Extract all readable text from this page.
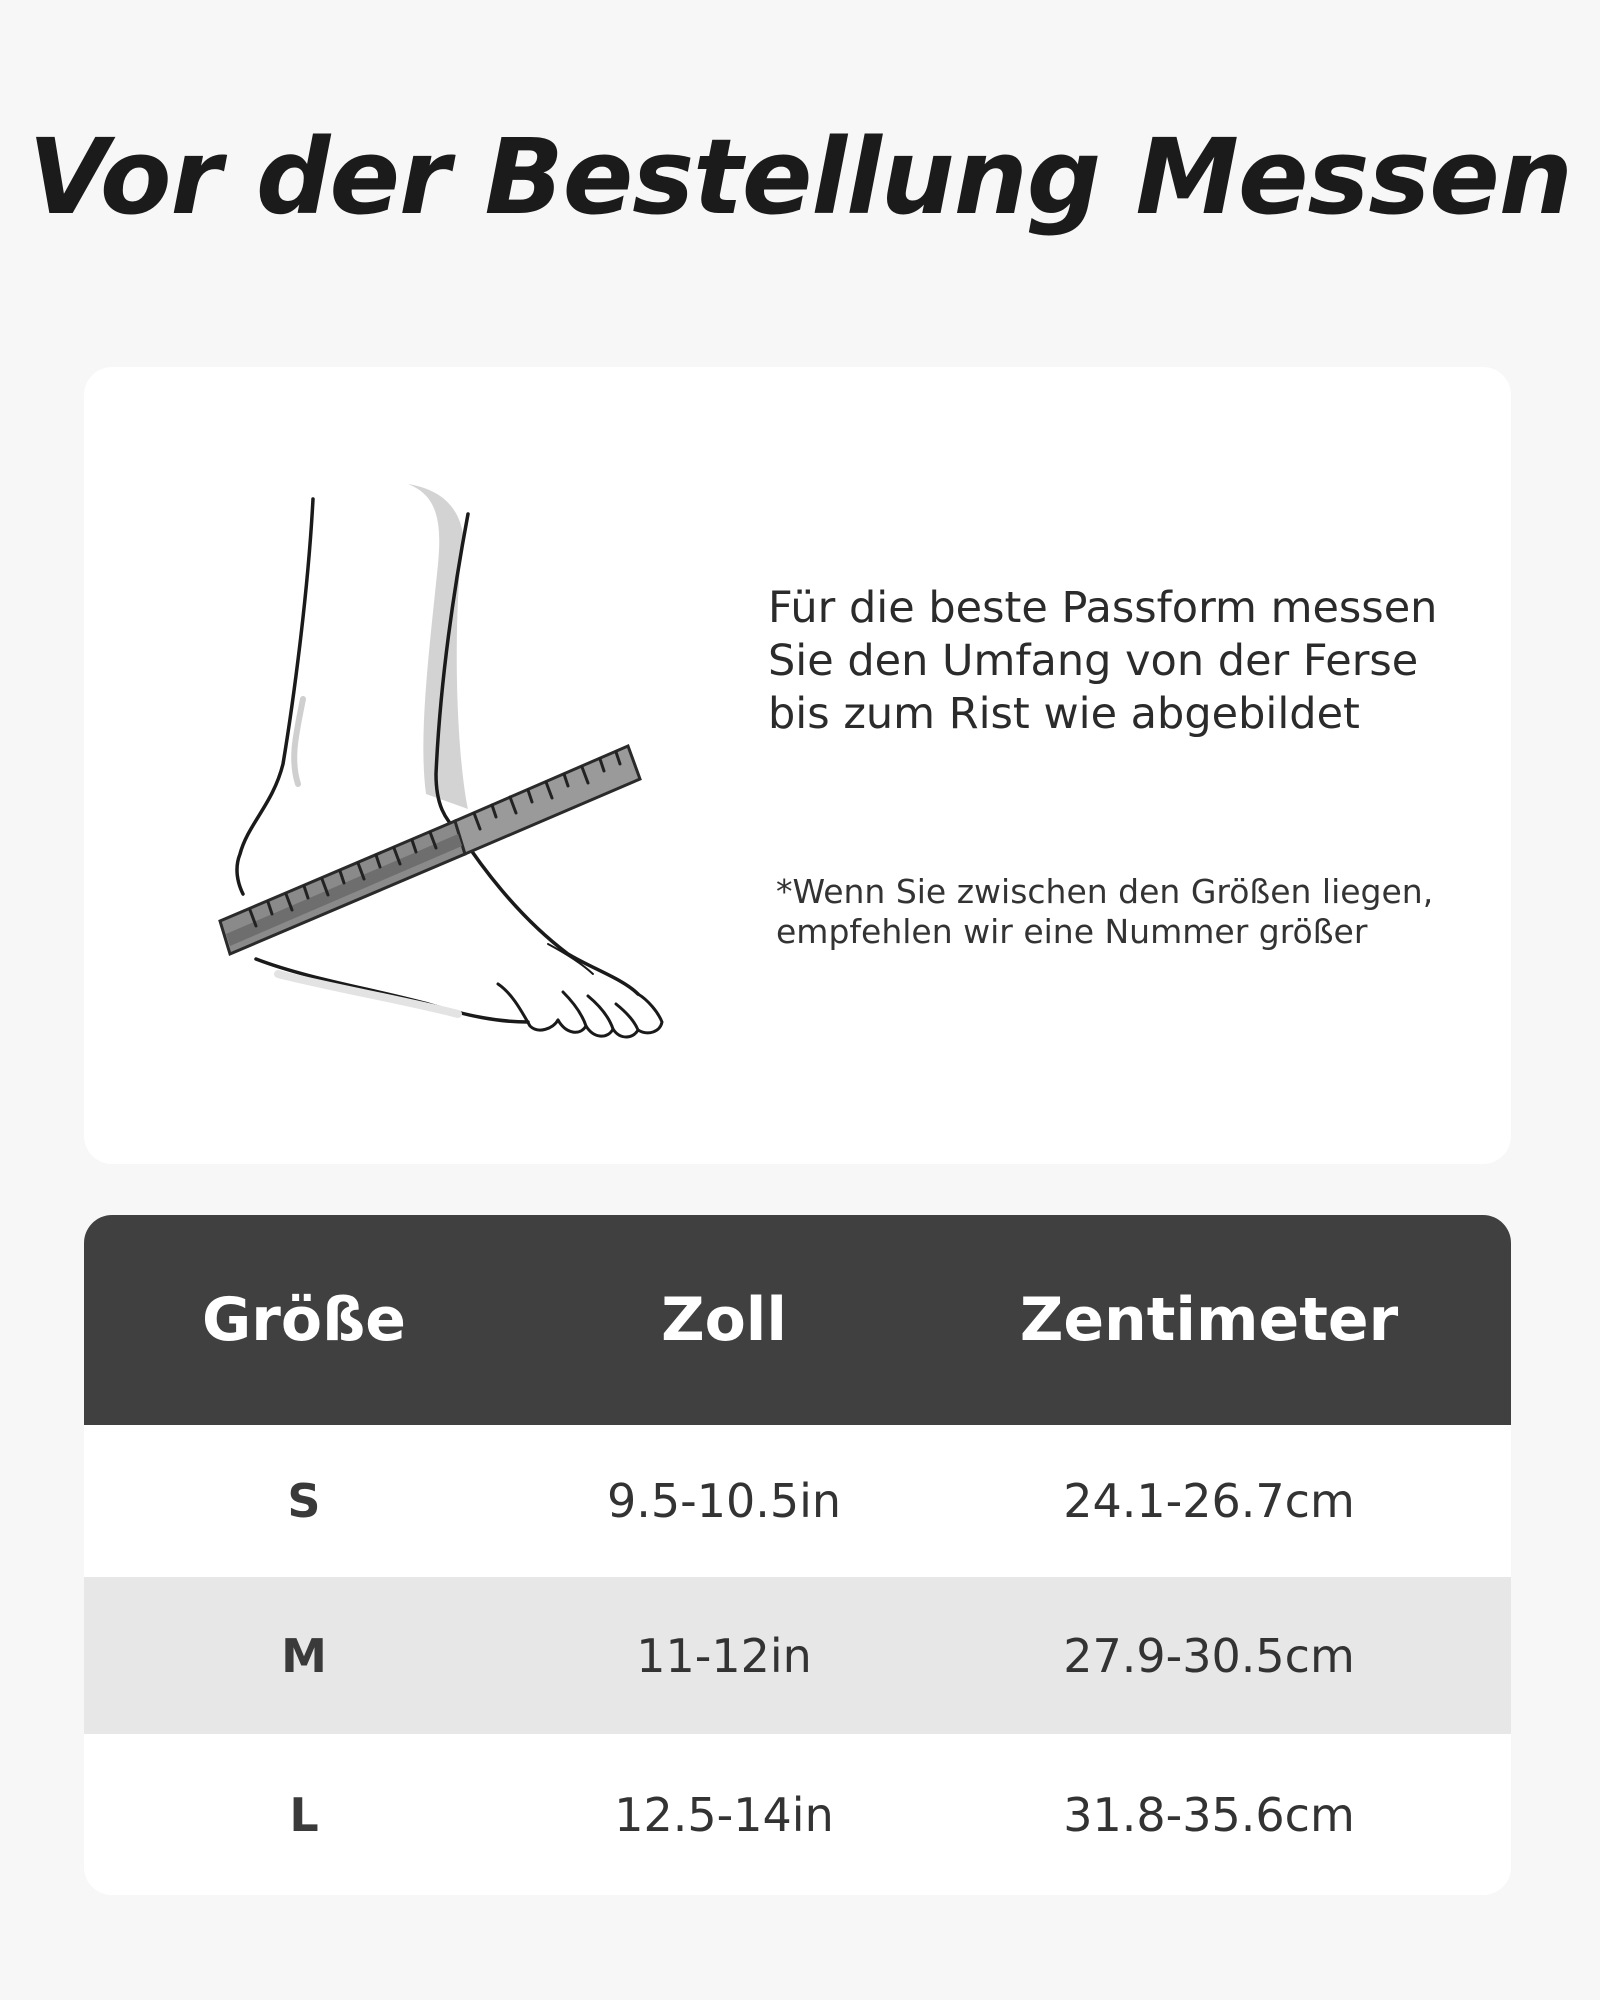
Vor der Bestellung Messen
Für die beste Passform messen
Sie den Umfang von der Ferse
bis zum Rist wie abgebildet
*Wenn Sie zwischen den Größen liegen,
empfehlen wir eine Nummer größer
Größe	Zoll	Zentimeter
S	9.5-10.5in	24.1-26.7cm
M	11-12in	27.9-30.5cm
L	12.5-14in	31.8-35.6cm
